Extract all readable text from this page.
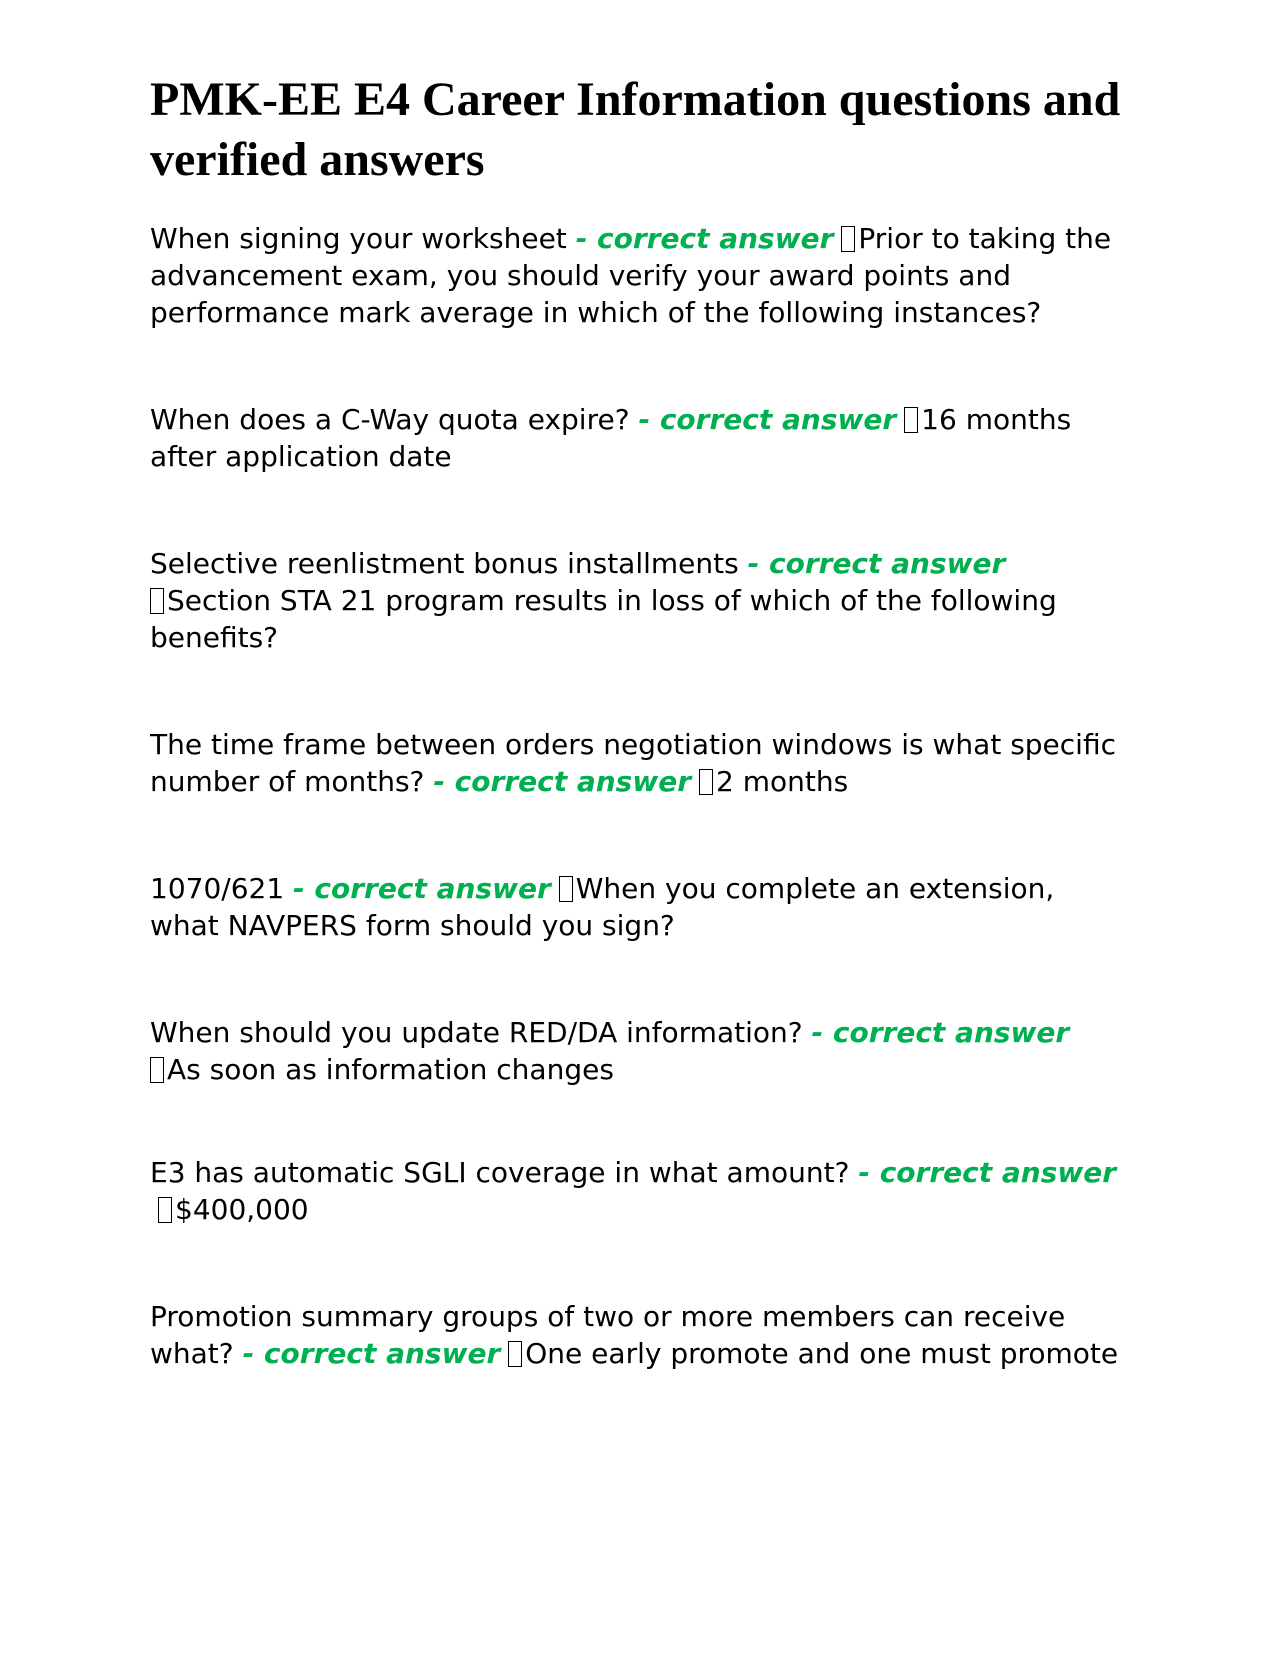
PMK-EE E4 Career Information questions and verified answers

When signing your worksheet - correct answer Prior to taking the advancement exam, you should verify your award points and performance mark average in which of the following instances?

When does a C-Way quota expire? - correct answer 16 months after application date

Selective reenlistment bonus installments - correct answer
Section STA 21 program results in loss of which of the following benefits?

The time frame between orders negotiation windows is what specific number of months? - correct answer 2 months

1070/621 - correct answer When you complete an extension, what NAVPERS form should you sign?

When should you update RED/DA information? - correct answer
As soon as information changes

E3 has automatic SGLI coverage in what amount? - correct answer$400,000

Promotion summary groups of two or more members can receive what? - correct answer One early promote and one must promote
